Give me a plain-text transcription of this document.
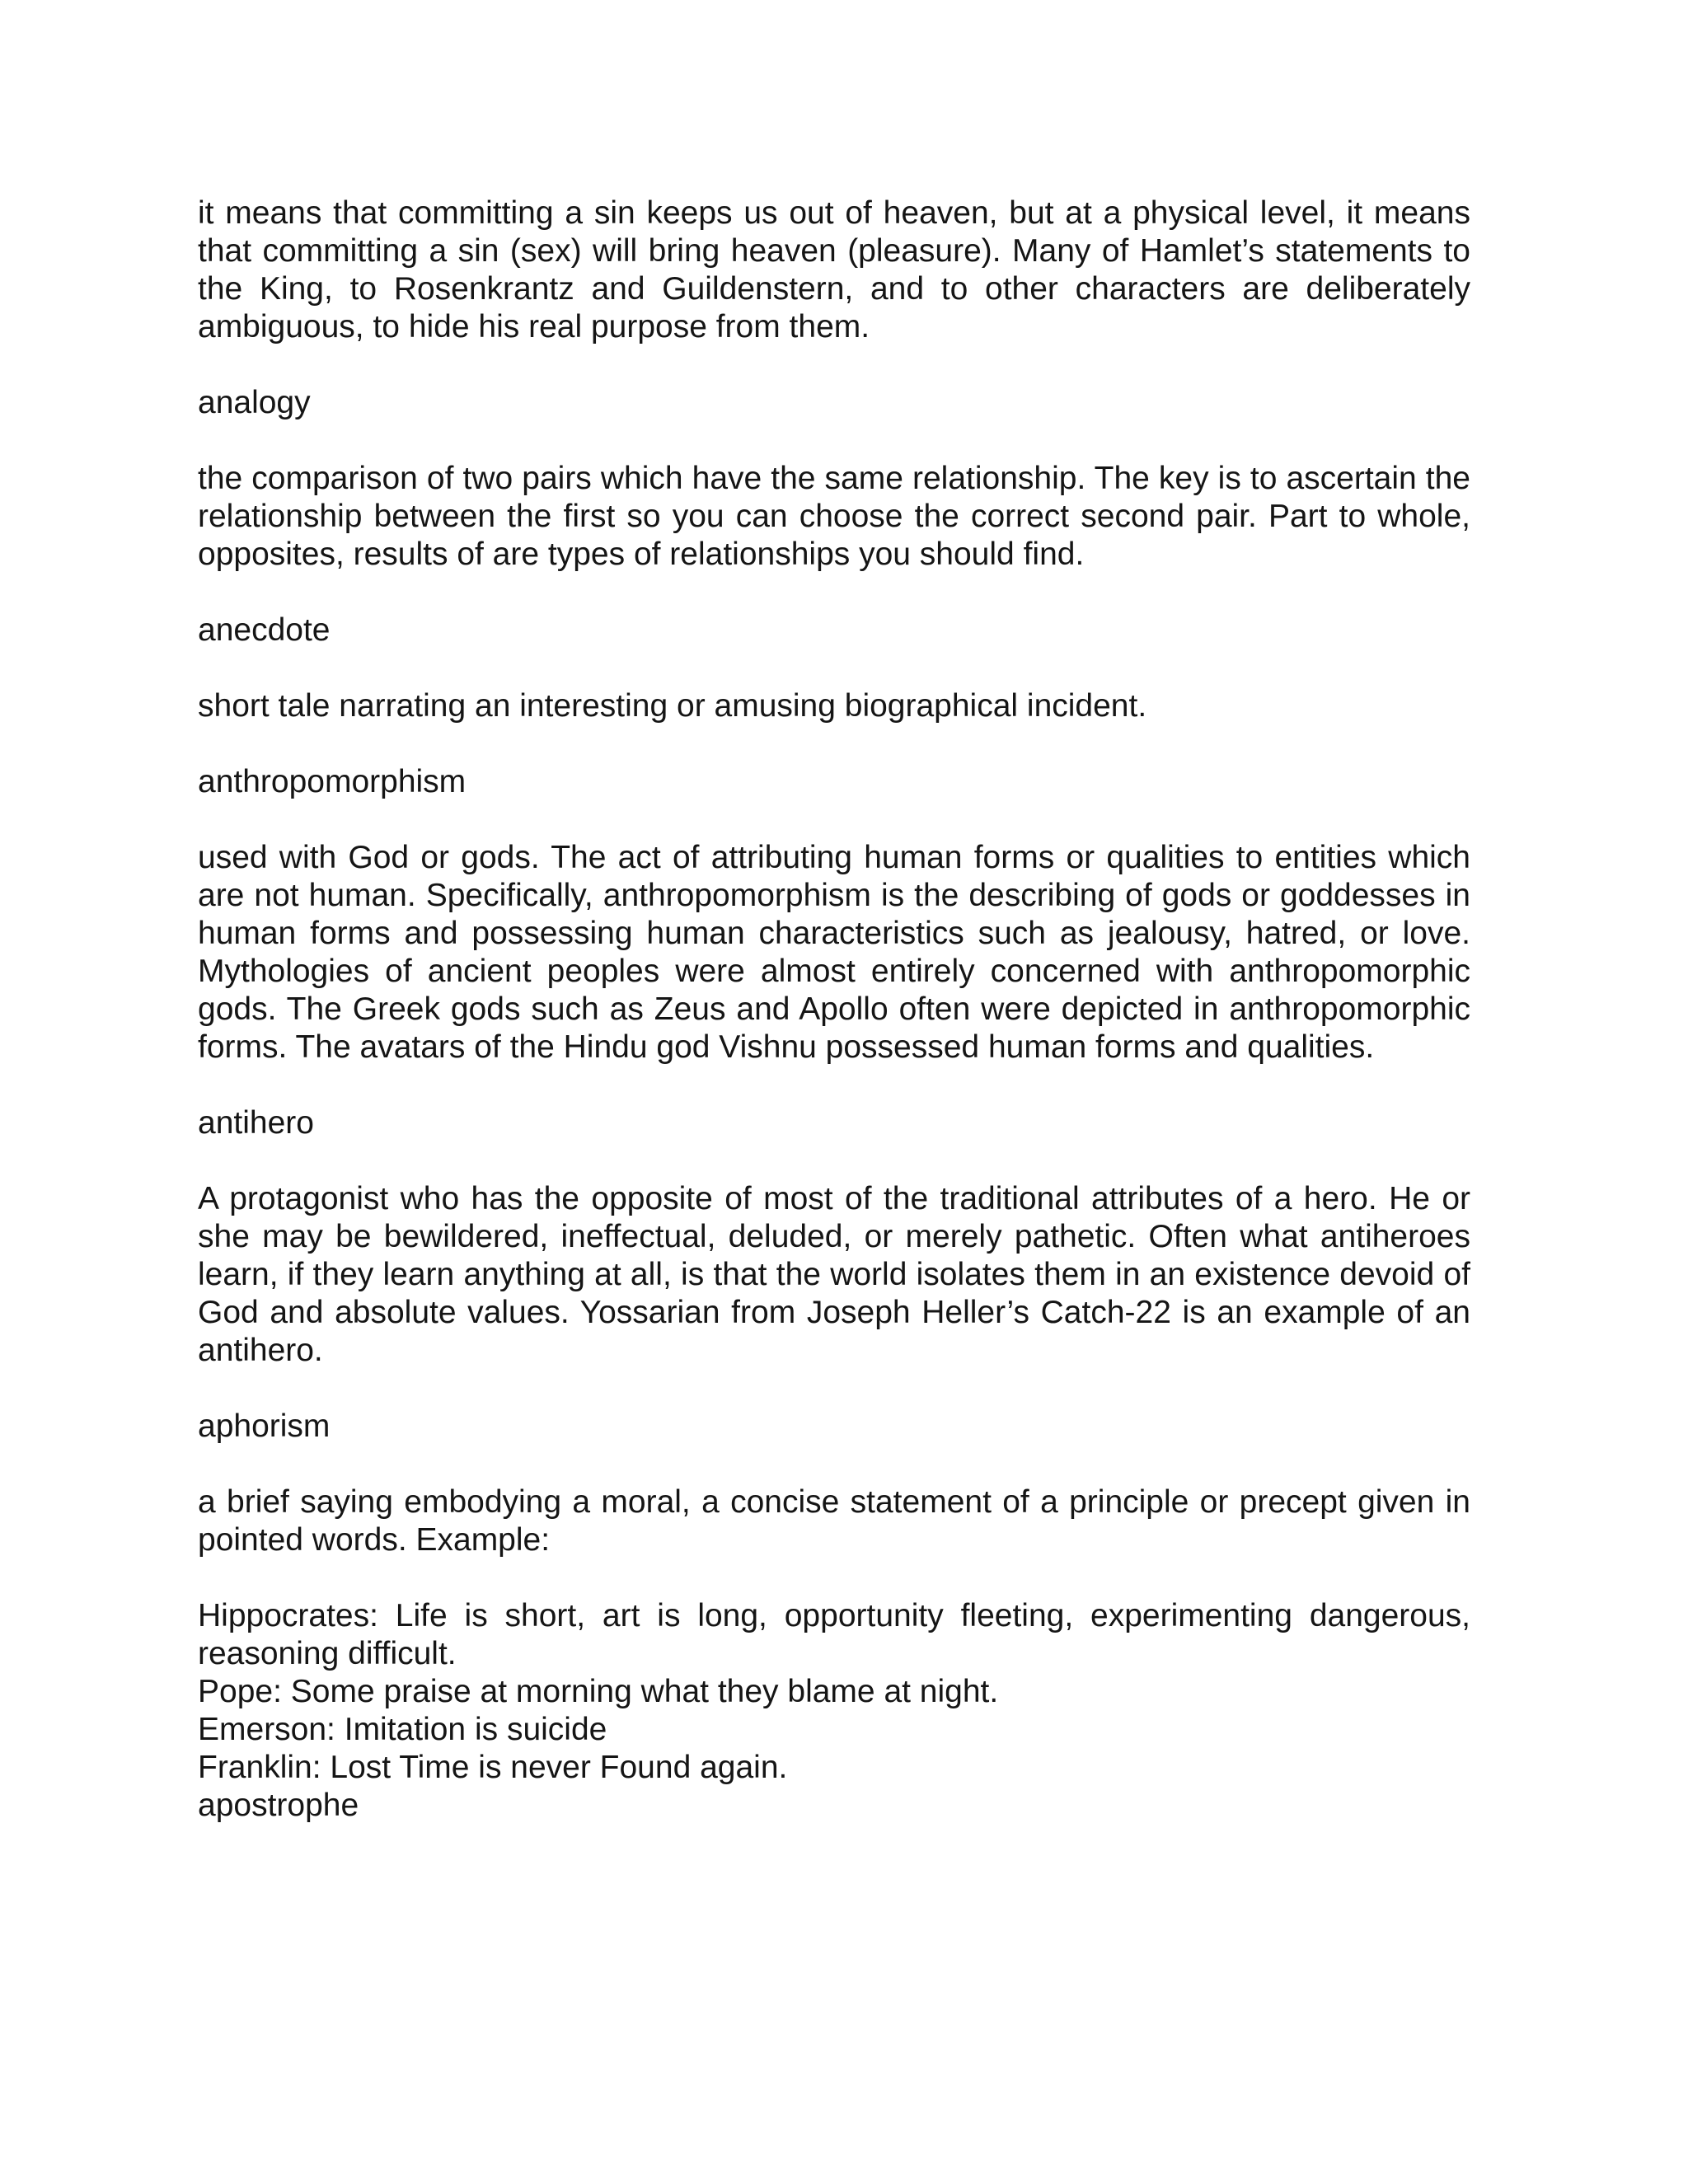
it means that committing a sin keeps us out of heaven, but at a physical level, it means that committing a sin (sex) will bring heaven (pleasure). Many of Hamlet’s statements to the King, to Rosenkrantz and Guildenstern, and to other characters are deliberately ambiguous, to hide his real purpose from them.

analogy

the comparison of two pairs which have the same relationship. The key is to ascertain the relationship between the first so you can choose the correct second pair. Part to whole, opposites, results of are types of relationships you should find.

anecdote

short tale narrating an interesting or amusing biographical incident.

anthropomorphism

used with God or gods. The act of attributing human forms or qualities to entities which are not human. Specifically, anthropomorphism is the describing of gods or goddesses in human forms and possessing human characteristics such as jealousy, hatred, or love. Mythologies of ancient peoples were almost entirely concerned with anthropomorphic gods. The Greek gods such as Zeus and Apollo often were depicted in anthropomorphic forms. The avatars of the Hindu god Vishnu possessed human forms and qualities.

antihero

A protagonist who has the opposite of most of the traditional attributes of a hero. He or she may be bewildered, ineffectual, deluded, or merely pathetic. Often what antiheroes learn, if they learn anything at all, is that the world isolates them in an existence devoid of God and absolute values. Yossarian from Joseph Heller’s Catch-22 is an example of an antihero.

aphorism

a brief saying embodying a moral, a concise statement of a principle or precept given in pointed words. Example:

Hippocrates: Life is short, art is long, opportunity fleeting, experimenting dangerous, reasoning difficult.

Pope: Some praise at morning what they blame at night.

Emerson: Imitation is suicide

Franklin: Lost Time is never Found again.

apostrophe
